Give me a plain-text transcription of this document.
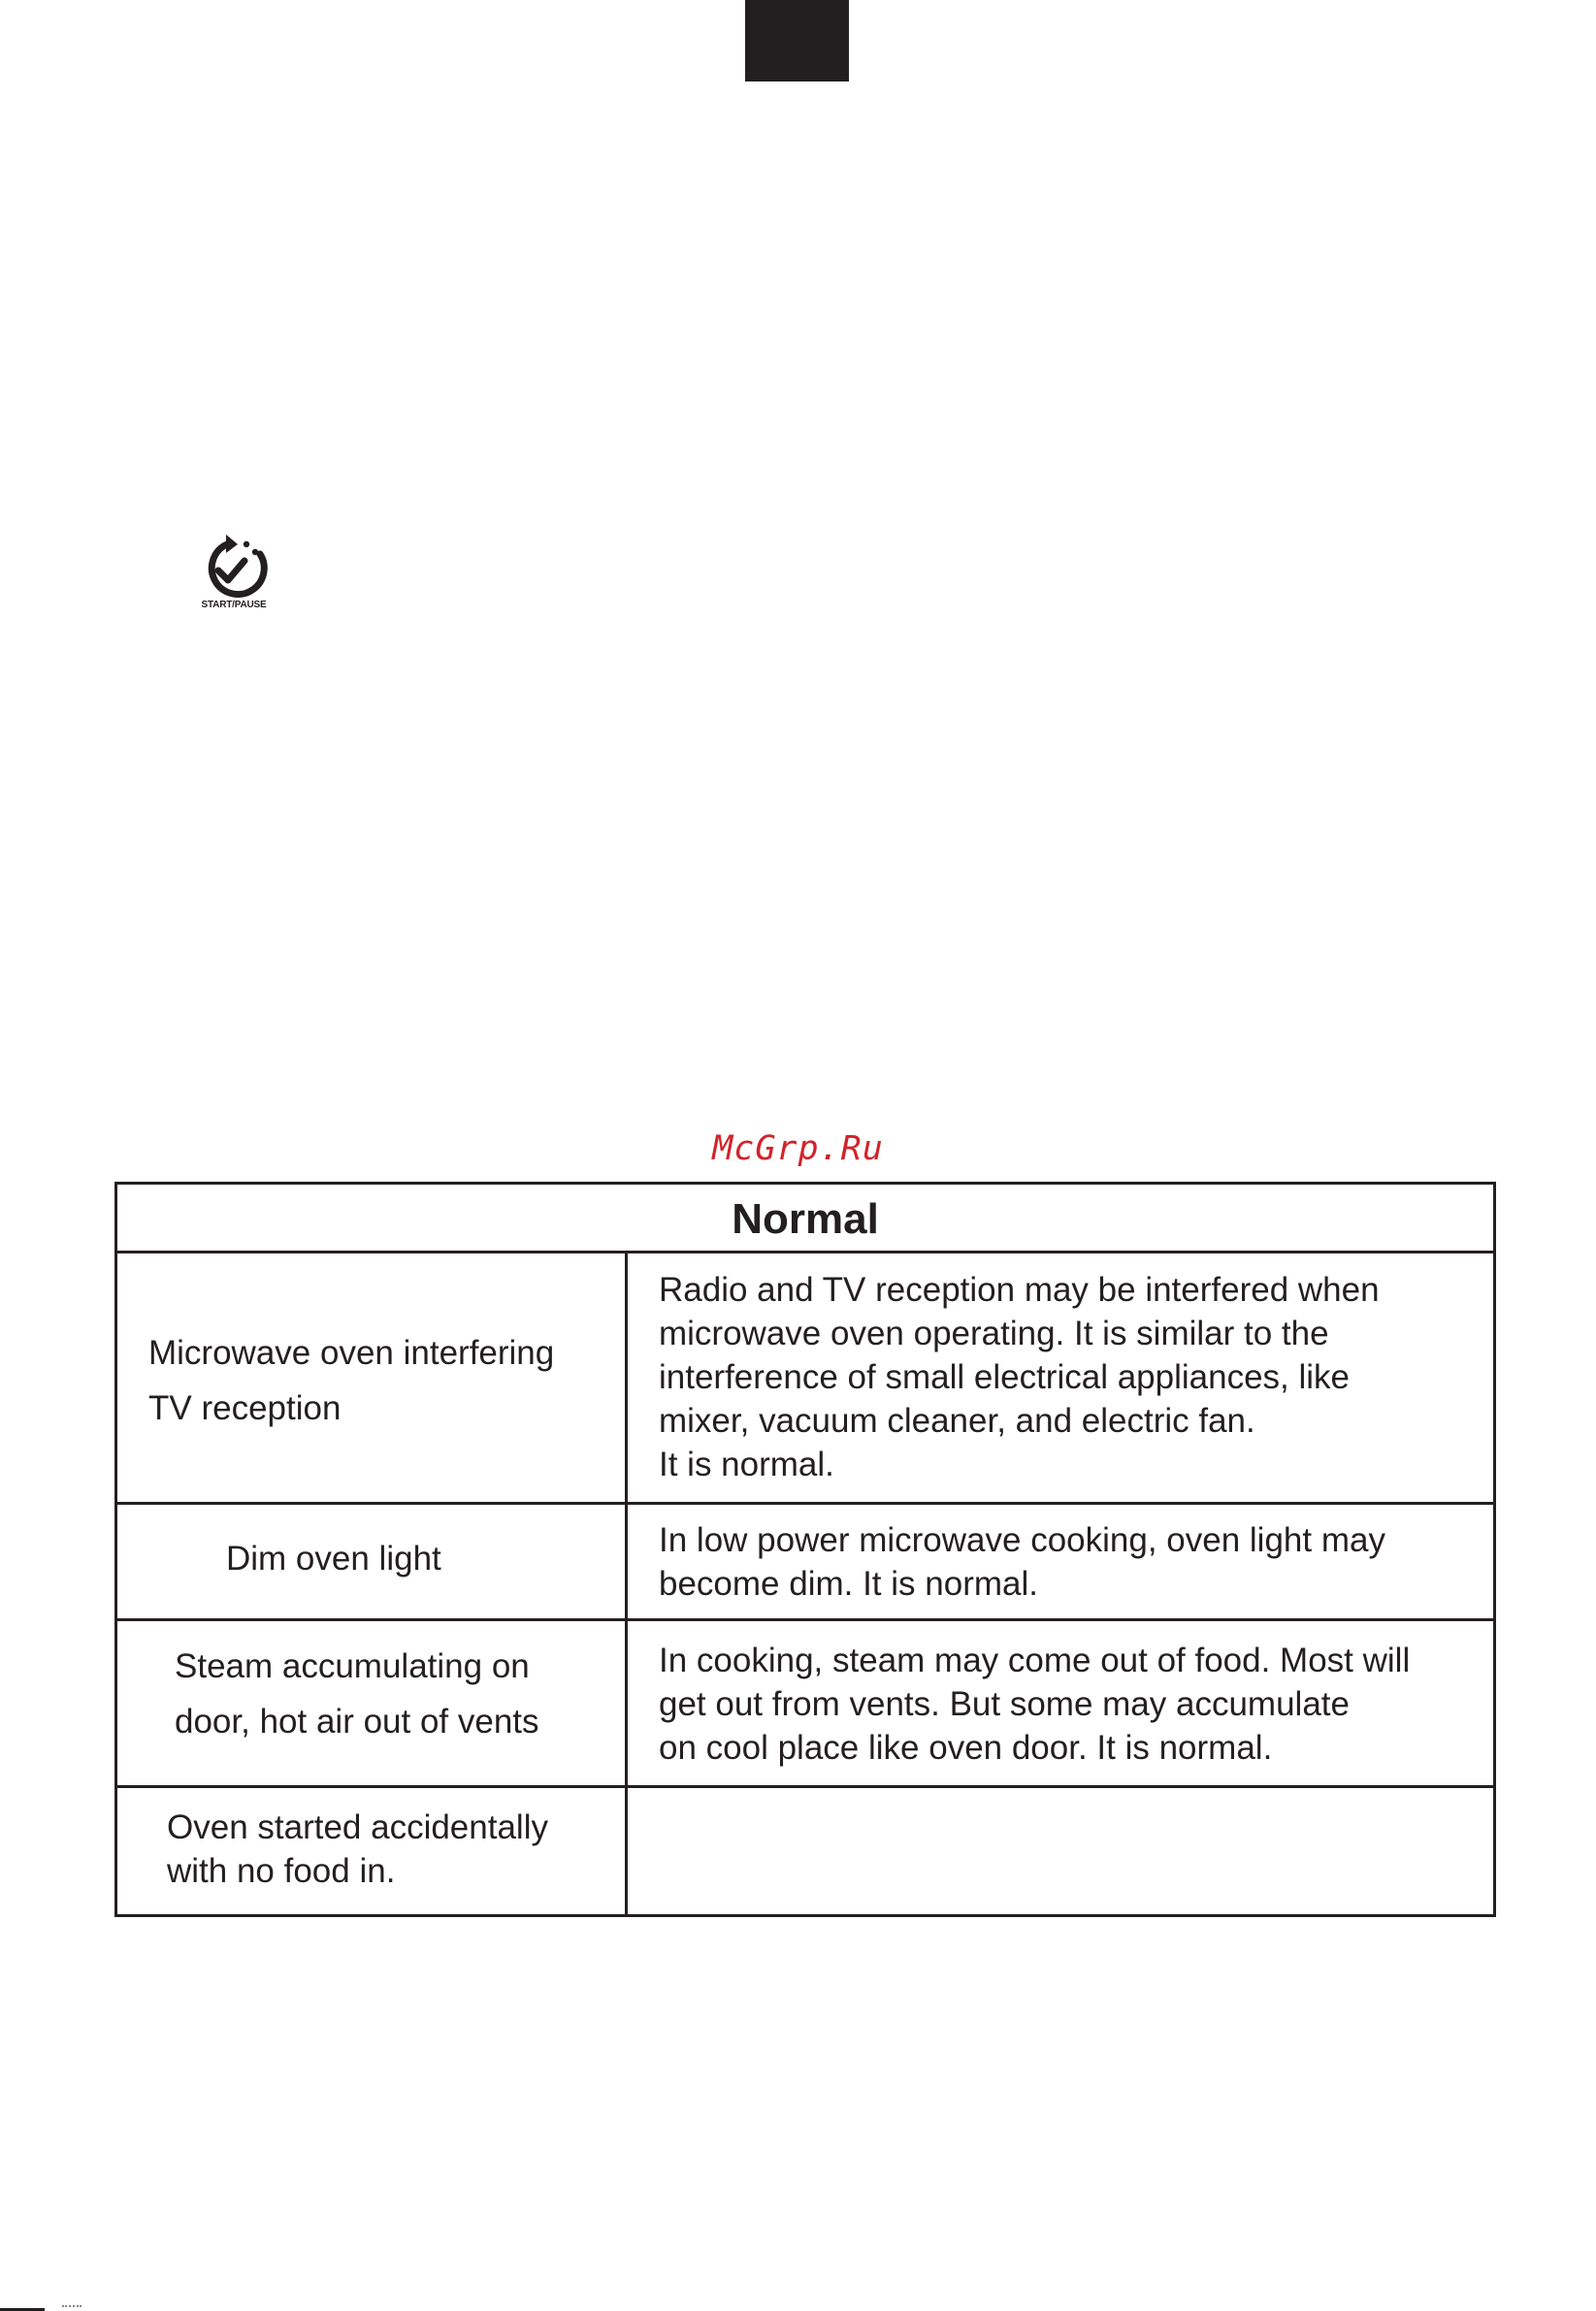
START/PAUSE
McGrp.Ru
Normal
Microwave oven interfering
TV reception
Radio and TV reception may be interfered when
microwave oven operating. It is similar to the
interference of small electrical appliances, like
mixer, vacuum cleaner, and electric fan.
It is normal.
Dim oven light	In low power microwave cooking, oven light may
become dim. It is normal.
Steam accumulating on
door, hot air out of vents
In cooking, steam may come out of food. Most will
get out from vents. But some may accumulate
on cool place like oven door. It is normal.
Oven started accidentally
with no food in.
